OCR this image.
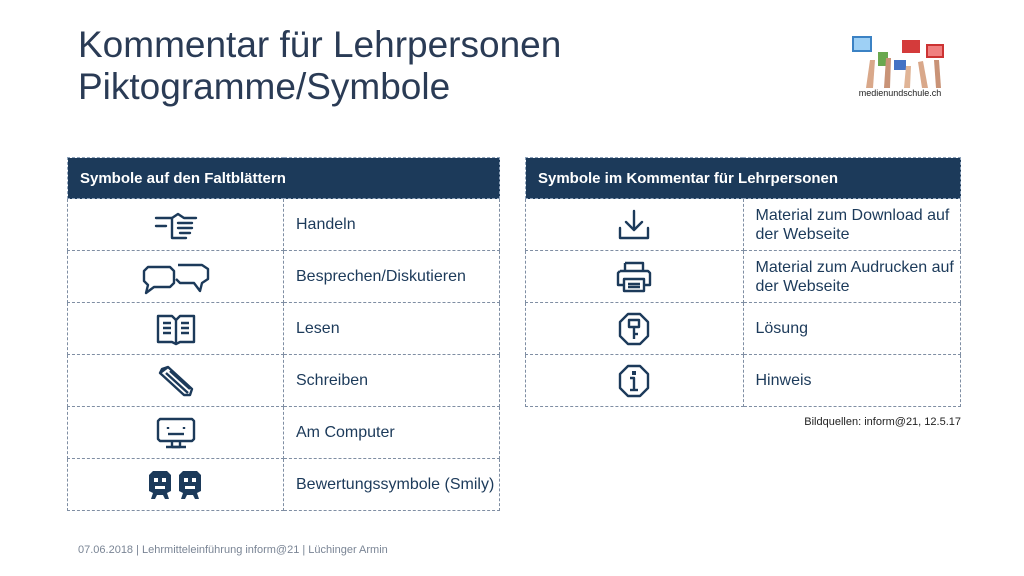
Kommentar für Lehrpersonen
Piktogramme/Symbole	medienundschule.ch
Symbole auf den Faltblättern	
	Handeln
	Besprechen/Diskutieren
	Lesen
	Schreiben
	Am Computer
	Bewertungssymbole (Smily)
Symbole im Kommentar für Lehrpersonen	
	Material zum Download auf der Webseite
	Material zum Audrucken auf der Webseite
	Lösung
	Hinweis
Bildquellen: inform@21, 12.5.17
07.06.2018 | Lehrmitteleinführung inform@21 | Lüchinger Armin
